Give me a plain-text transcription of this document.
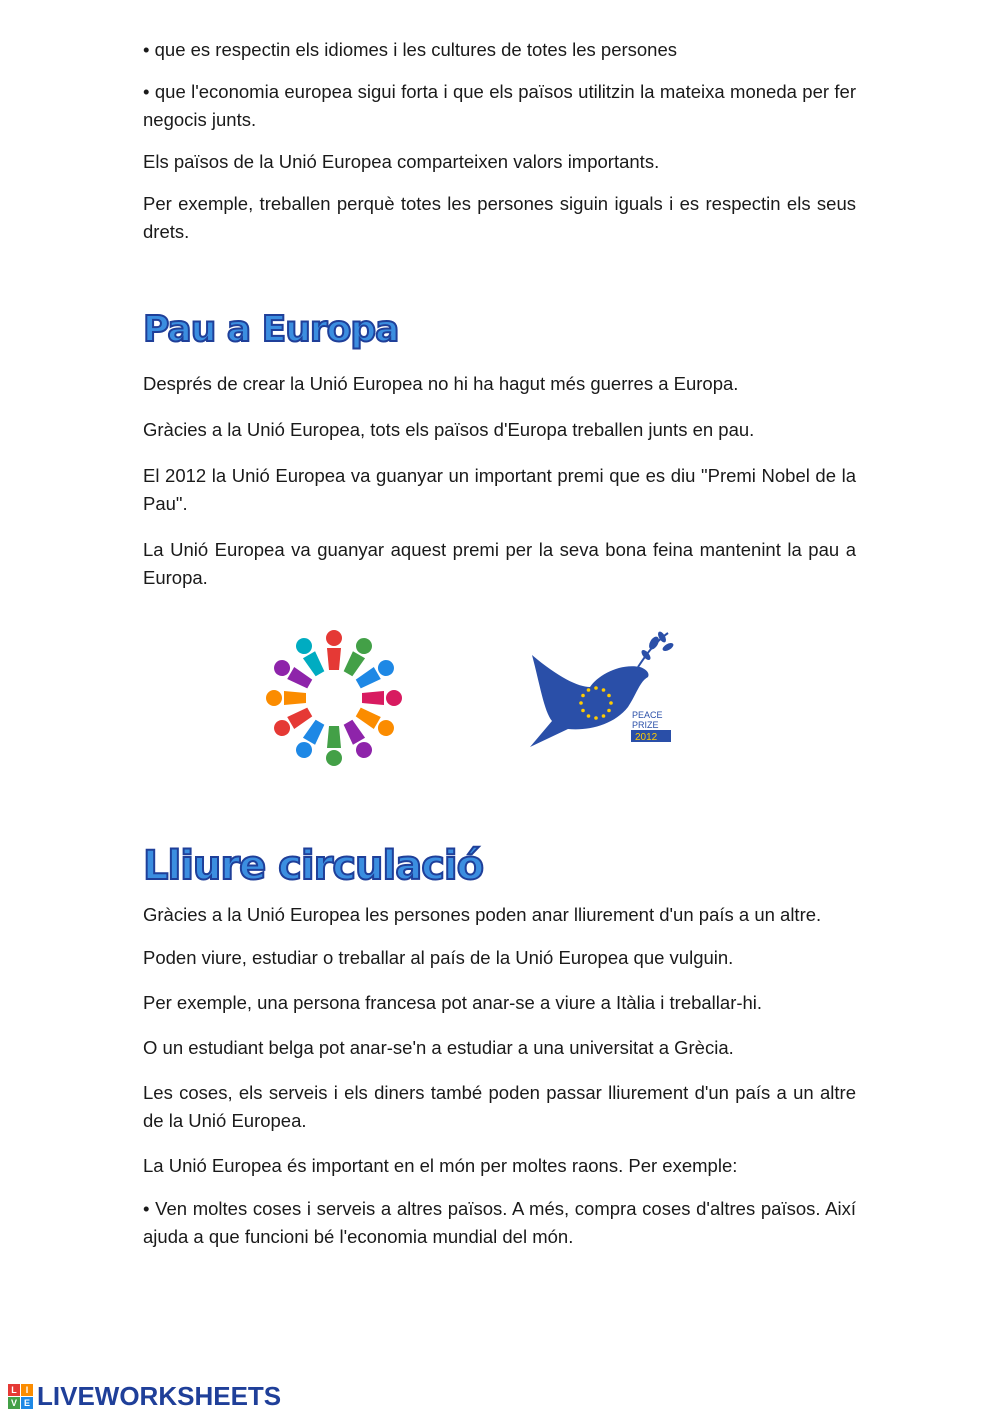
• que es respectin els idiomes i les cultures de totes les persones

• que l'economia europea sigui forta i que els països utilitzin la mateixa moneda per fer negocis junts.

Els països de la Unió Europea comparteixen valors importants.

Per exemple, treballen perquè totes les persones siguin iguals i es respectin els seus drets.

Pau a Europa

Després de crear la Unió Europea no hi ha hagut més guerres a Europa.

Gràcies a la Unió Europea, tots els països d'Europa treballen junts en pau.

El 2012 la Unió Europea va guanyar un important premi que es diu "Premi Nobel de la Pau".

La Unió Europea va guanyar aquest premi per la seva bona feina mantenint la pau a Europa.

PEACE
PRIZE
2012
Lliure circulació

Gràcies a la Unió Europea les persones poden anar lliurement d'un país a un altre.

Poden viure, estudiar o treballar al país de la Unió Europea que vulguin.

Per exemple, una persona francesa pot anar-se a viure a Itàlia i treballar-hi.

O un estudiant belga pot anar-se'n a estudiar a una universitat a Grècia.

Les coses, els serveis i els diners també poden passar lliurement d'un país a un altre de la Unió Europea.

La Unió Europea és important en el món per moltes raons. Per exemple:

• Ven moltes coses i serveis a altres països. A més, compra coses d'altres països. Així ajuda a que funcioni bé l'economia mundial del món.

L I
V E LIVEWORKSHEETS
